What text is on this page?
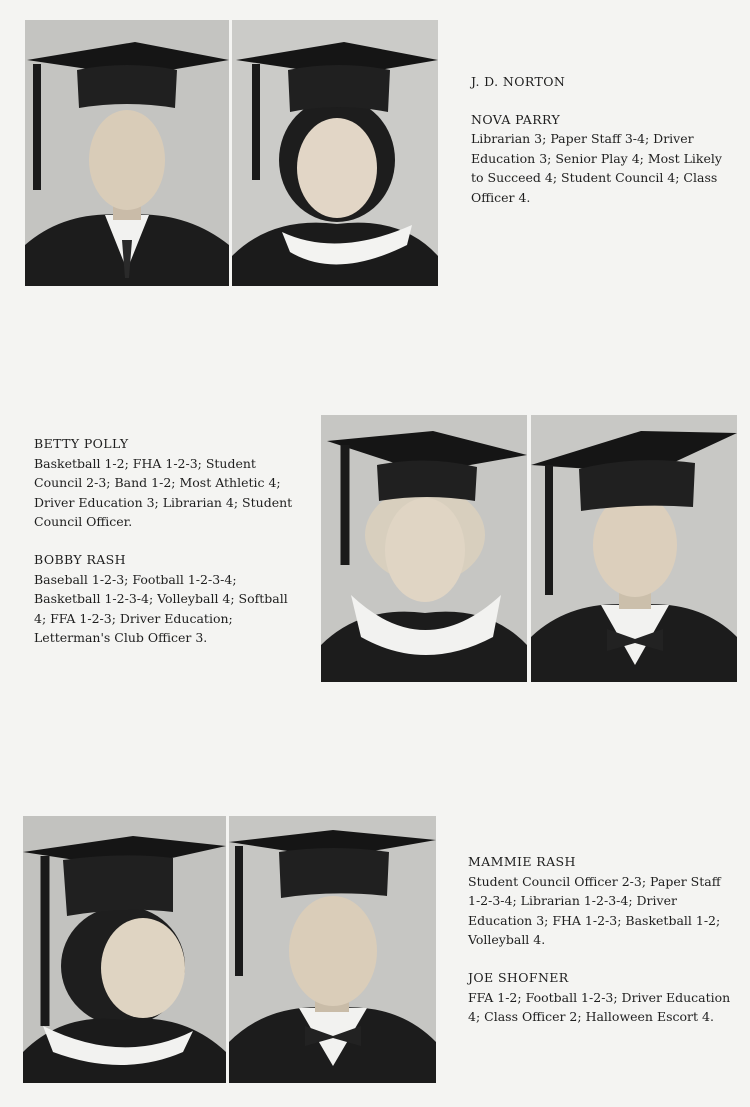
J. D. NORTON

NOVA PARRY

Librarian 3; Paper Staff 3-4; Driver Education 3; Senior Play 4; Most Likely to Succeed 4; Student Council 4; Class Officer 4.

BETTY POLLY

Basketball 1-2; FHA 1-2-3; Student Council 2-3; Band 1-2; Most Athletic 4; Driver Education 3; Librarian 4; Student Council Officer.

BOBBY RASH

Baseball 1-2-3; Football 1-2-3-4; Basketball 1-2-3-4; Volleyball 4; Softball 4; FFA 1-2-3; Driver Education; Letterman's Club Officer 3.

MAMMIE RASH

Student Council Officer 2-3; Paper Staff 1-2-3-4; Librarian 1-2-3-4; Driver Education 3; FHA 1-2-3; Basketball 1-2; Volleyball 4.

JOE SHOFNER

FFA 1-2; Football 1-2-3; Driver Education 4; Class Officer 2; Halloween Escort 4.
